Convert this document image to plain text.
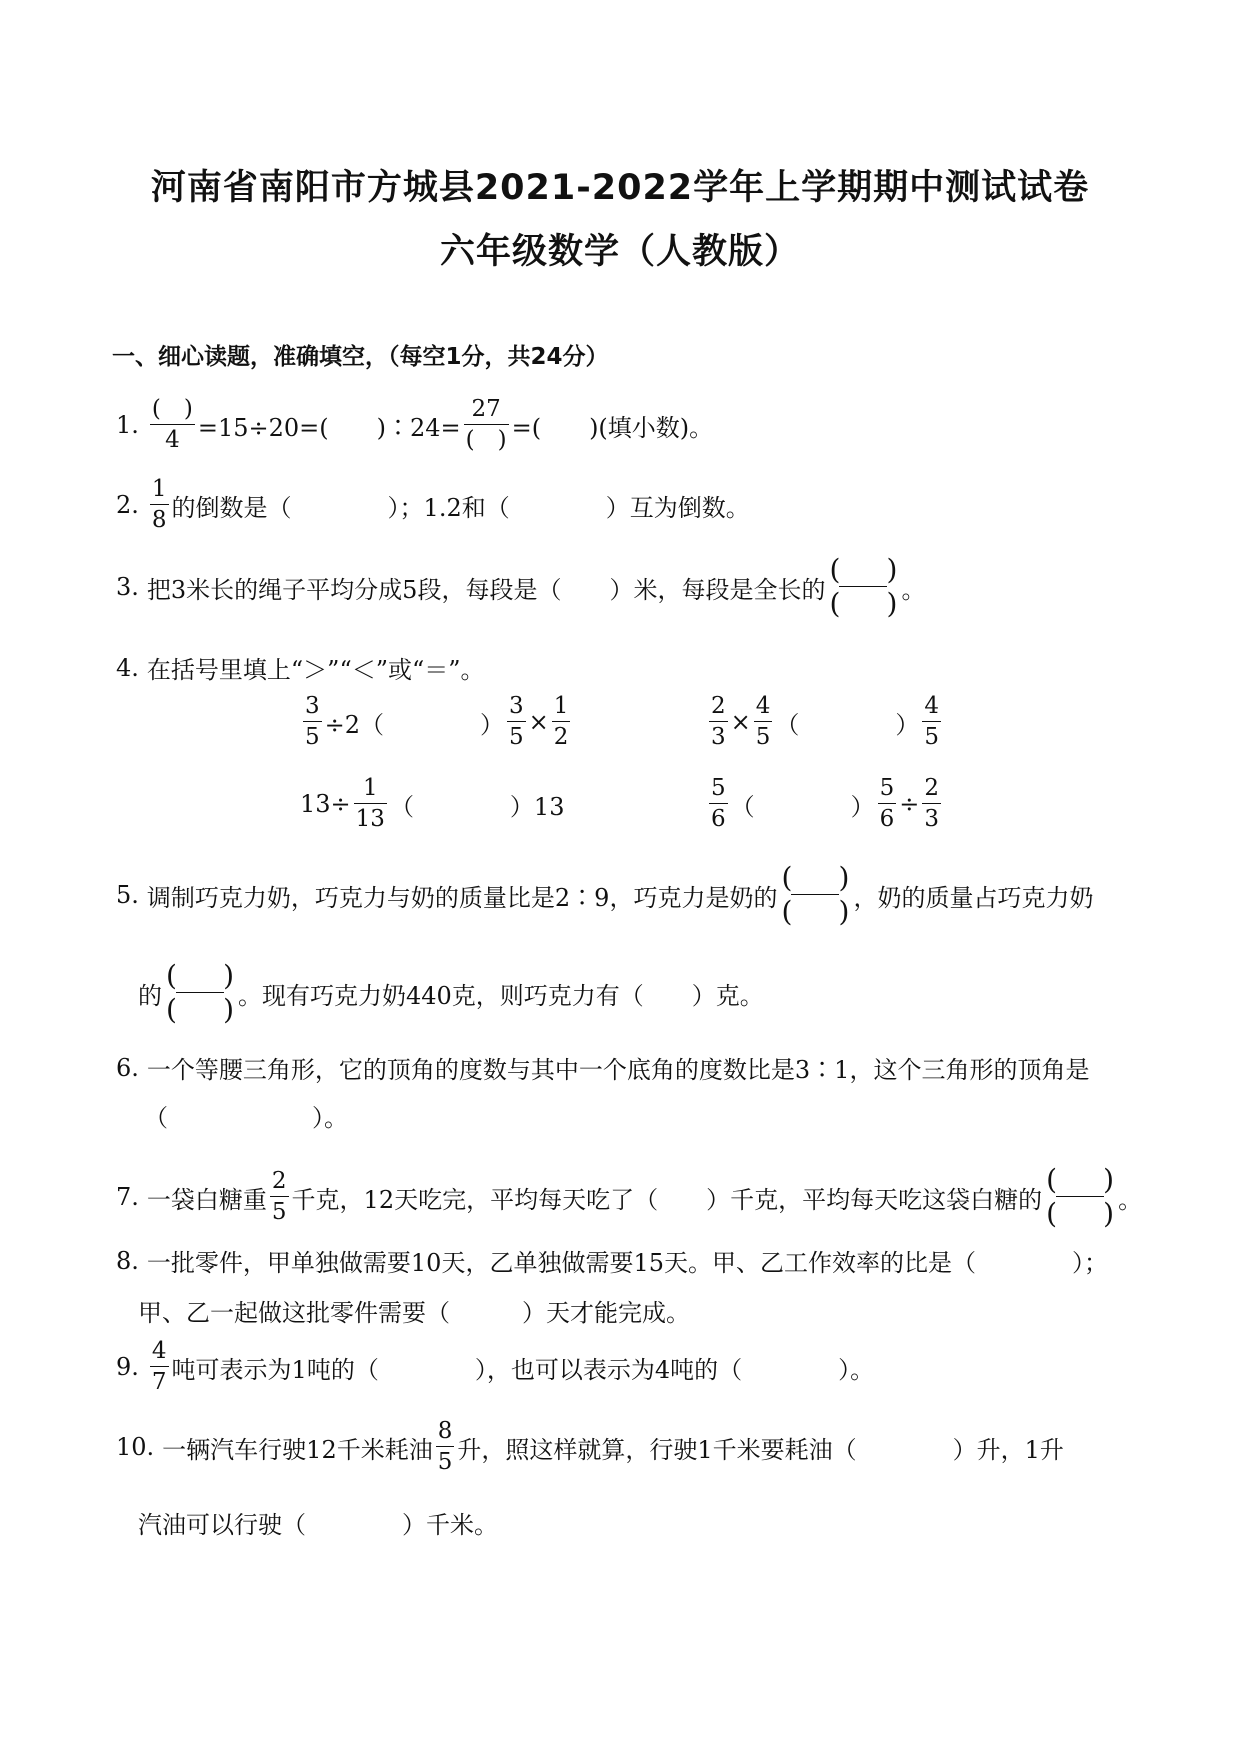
河南省南阳市方城县2021-2022学年上学期期中测试试卷
六年级数学（人教版）
一、细心读题，准确填空，（每空1分，共24分）
1. $\frac{( )}{4} =15\div 20=$(　　)∶24= $\frac{27}{( )}$ =(　　)(填小数)。
2. $\frac{1}{8}$ 的倒数是（　　　　）；1.2和（　　　　）互为倒数。
3. 把3米长的绳子平均分成5段，每段是（　　）米，每段是全长的
( )
( ) 。
4. 在括号里填上“＞”“＜”或“＝”。
$\frac{3}{5} \div 2$（　　　　） $\frac{3}{5} \times \frac{1}{2}$	$\frac{2}{3} \times \frac{4}{5}$ （　　　　） $\frac{4}{5}$
$13\div \frac{1}{13}$ （　　　　）13	$\frac{5}{6}$ （　　　　） $\frac{5}{6} \div \frac{2}{3}$
5. 调制巧克力奶，巧克力与奶的质量比是2∶9，巧克力是奶的
( )
( ) ，奶的质量占巧克力奶
的
( )
( ) 。现有巧克力奶440克，则巧克力有（　　）克。
6. 一个等腰三角形，它的顶角的度数与其中一个底角的度数比是3∶1，这个三角形的顶角是
（　　　　　　）。
7. 一袋白糖重 $\frac{2}{5}$ 千克，12天吃完，平均每天吃了（　　）千克，平均每天吃这袋白糖的
( )
( ) 。
8. 一批零件，甲单独做需要10天，乙单独做需要15天。甲、乙工作效率的比是（　　　　）；
甲、乙一起做这批零件需要（　　　）天才能完成。
9. $\frac{4}{7}$ 吨可表示为1吨的（　　　　），也可以表示为4吨的（　　　　）。
10. 一辆汽车行驶12千米耗油 $\frac{8}{5}$ 升，照这样就算，行驶1千米要耗油（　　　　）升，1升
汽油可以行驶（　　　　）千米。
